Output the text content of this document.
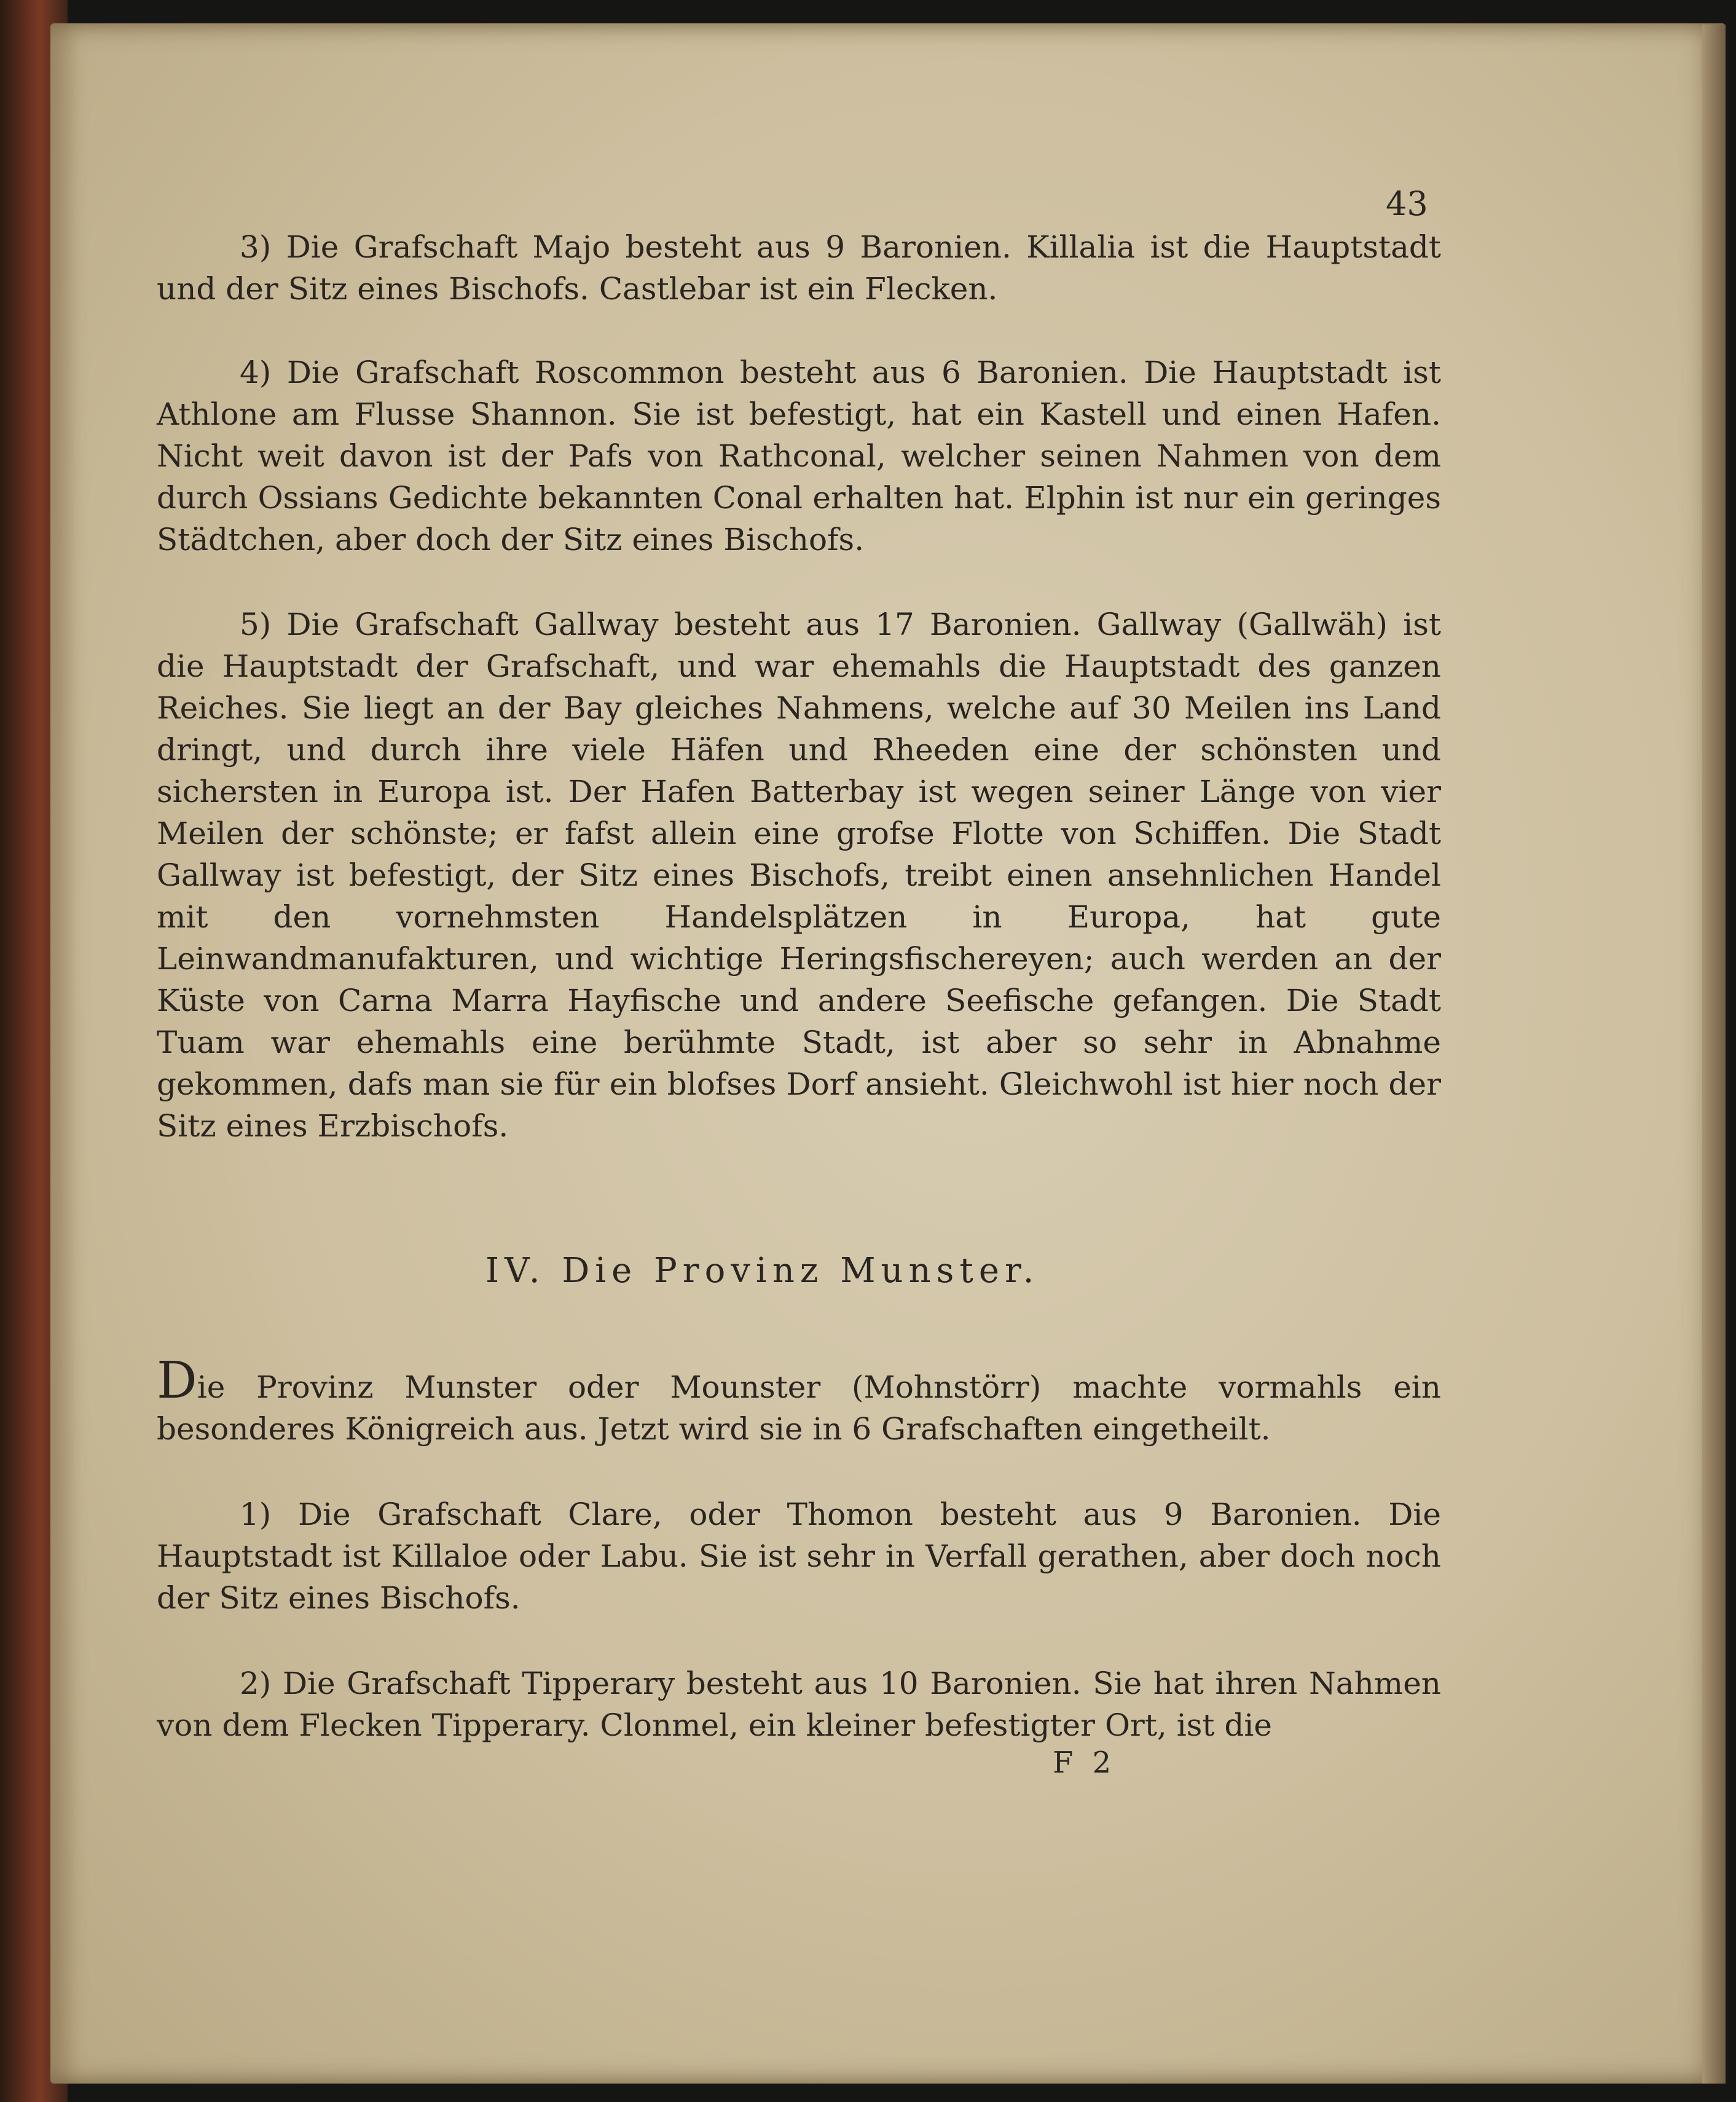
43

3) Die Grafschaft Majo besteht aus 9 Baronien. Killalia ist die Hauptstadt und der Sitz eines Bischofs. Castlebar ist ein Flecken.

4) Die Grafschaft Roscommon besteht aus 6 Baronien. Die Hauptstadt ist Athlone am Flusse Shannon. Sie ist befestigt, hat ein Kastell und einen Hafen. Nicht weit davon ist der Pafs von Rathconal, welcher seinen Nahmen von dem durch Ossians Gedichte bekannten Conal erhalten hat. Elphin ist nur ein geringes Städtchen, aber doch der Sitz eines Bischofs.

5) Die Grafschaft Gallway besteht aus 17 Baronien. Gallway (Gallwäh) ist die Hauptstadt der Grafschaft, und war ehemahls die Hauptstadt des ganzen Reiches. Sie liegt an der Bay gleiches Nahmens, welche auf 30 Meilen ins Land dringt, und durch ihre viele Häfen und Rheeden eine der schönsten und sichersten in Europa ist. Der Hafen Batterbay ist wegen seiner Länge von vier Meilen der schönste; er fafst allein eine grofse Flotte von Schiffen. Die Stadt Gallway ist befestigt, der Sitz eines Bischofs, treibt einen ansehnlichen Handel mit den vornehmsten Handelsplätzen in Europa, hat gute Leinwandmanufakturen, und wichtige Heringsfischereyen; auch werden an der Küste von Carna Marra Hayfische und andere Seefische gefangen. Die Stadt Tuam war ehemahls eine berühmte Stadt, ist aber so sehr in Abnahme gekommen, dafs man sie für ein blofses Dorf ansieht. Gleichwohl ist hier noch der Sitz eines Erzbischofs.

IV. Die Provinz Munster.

Die Provinz Munster oder Mounster (Mohnstörr) machte vormahls ein besonderes Königreich aus. Jetzt wird sie in 6 Grafschaften eingetheilt.

1) Die Grafschaft Clare, oder Thomon besteht aus 9 Baronien. Die Hauptstadt ist Killaloe oder Labu. Sie ist sehr in Verfall gerathen, aber doch noch der Sitz eines Bischofs.

2) Die Grafschaft Tipperary besteht aus 10 Baronien. Sie hat ihren Nahmen von dem Flecken Tipperary. Clonmel, ein kleiner befestigter Ort, ist die

F 2
